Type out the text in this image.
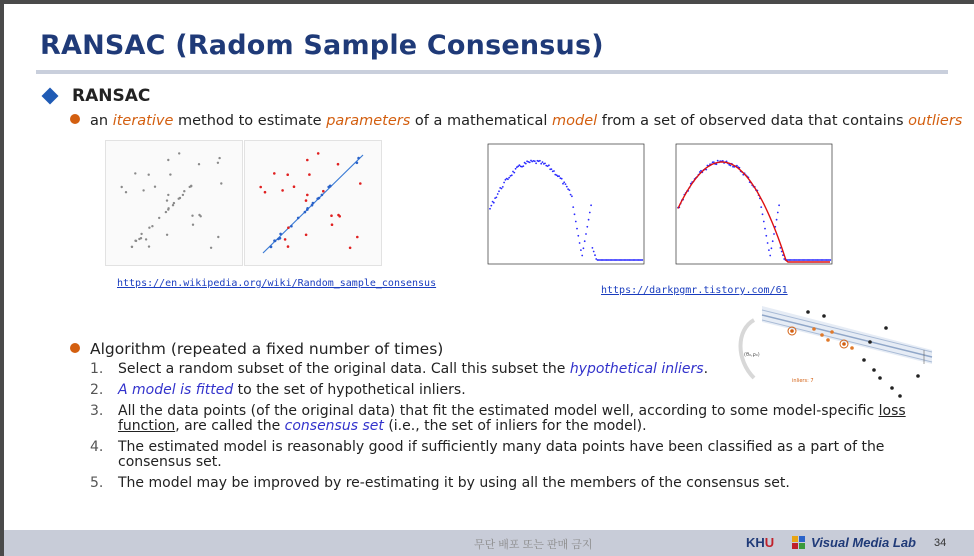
RANSAC (Radom Sample Consensus)
RANSAC
an iterative method to estimate parameters of a mathematical model from a set of observed data that contains outliers
https://en.wikipedia.org/wiki/Random_sample_consensus
https://darkpgmr.tistory.com/61
(θ₀,ρ₀)
inliers: 7
Algorithm (repeated a fixed number of times)
1.	Select a random subset of the original data. Call this subset the hypothetical inliers.
2.	A model is fitted to the set of hypothetical inliers.
3.	All the data points (of the original data) that fit the estimated model well, according to some model-specific loss function, are called the consensus set (i.e., the set of inliers for the model).
4.	The estimated model is reasonably good if sufficiently many data points have been classified as a part of the consensus set.
5.	The model may be improved by re-estimating it by using all the members of the consensus set.
무단 배포 또는 판매 금지	KHU	Visual Media Lab 34
